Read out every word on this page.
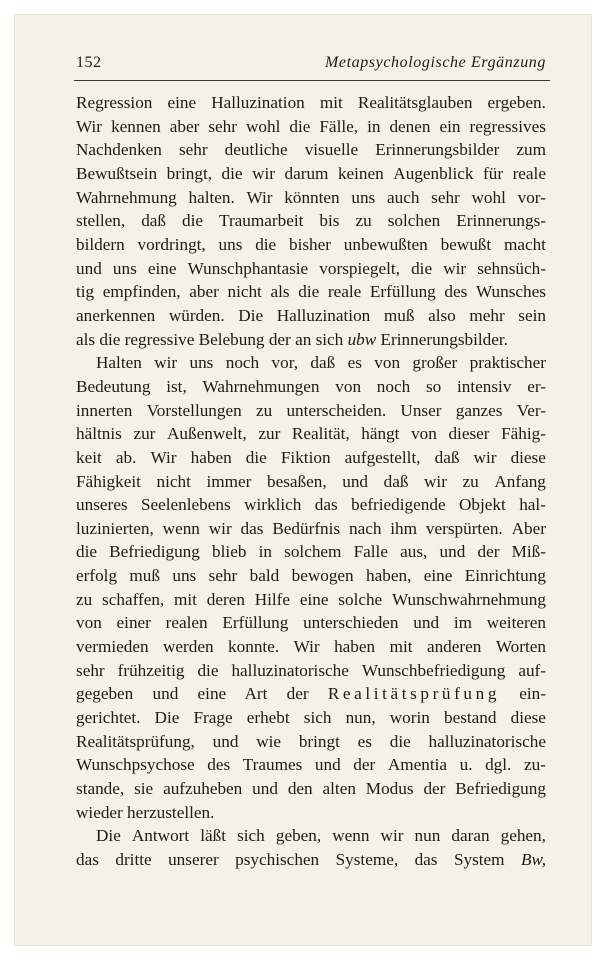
152	Metapsychologische Ergänzung
Regression eine Halluzination mit Realitätsglauben ergeben.
Wir kennen aber sehr wohl die Fälle, in denen ein regressives
Nachdenken sehr deutliche visuelle Erinnerungsbilder zum
Bewußtsein bringt, die wir darum keinen Augenblick für reale
Wahrnehmung halten. Wir könnten uns auch sehr wohl vor-
stellen, daß die Traumarbeit bis zu solchen Erinnerungs-
bildern vordringt, uns die bisher unbewußten bewußt macht
und uns eine Wunschphantasie vorspiegelt, die wir sehnsüch-
tig empfinden, aber nicht als die reale Erfüllung des Wunsches
anerkennen würden. Die Halluzination muß also mehr sein
als die regressive Belebung der an sich ubw Erinnerungsbilder.
Halten wir uns noch vor, daß es von großer praktischer
Bedeutung ist, Wahrnehmungen von noch so intensiv er-
innerten Vorstellungen zu unterscheiden. Unser ganzes Ver-
hältnis zur Außenwelt, zur Realität, hängt von dieser Fähig-
keit ab. Wir haben die Fiktion aufgestellt, daß wir diese
Fähigkeit nicht immer besaßen, und daß wir zu Anfang
unseres Seelenlebens wirklich das befriedigende Objekt hal-
luzinierten, wenn wir das Bedürfnis nach ihm verspürten. Aber
die Befriedigung blieb in solchem Falle aus, und der Miß-
erfolg muß uns sehr bald bewogen haben, eine Einrichtung
zu schaffen, mit deren Hilfe eine solche Wunschwahrnehmung
von einer realen Erfüllung unterschieden und im weiteren
vermieden werden konnte. Wir haben mit anderen Worten
sehr frühzeitig die halluzinatorische Wunschbefriedigung auf-
gegeben und eine Art der Realitätsprüfung ein-
gerichtet. Die Frage erhebt sich nun, worin bestand diese
Realitätsprüfung, und wie bringt es die halluzinatorische
Wunschpsychose des Traumes und der Amentia u. dgl. zu-
stande, sie aufzuheben und den alten Modus der Befriedigung
wieder herzustellen.
Die Antwort läßt sich geben, wenn wir nun daran gehen,
das dritte unserer psychischen Systeme, das System Bw,
